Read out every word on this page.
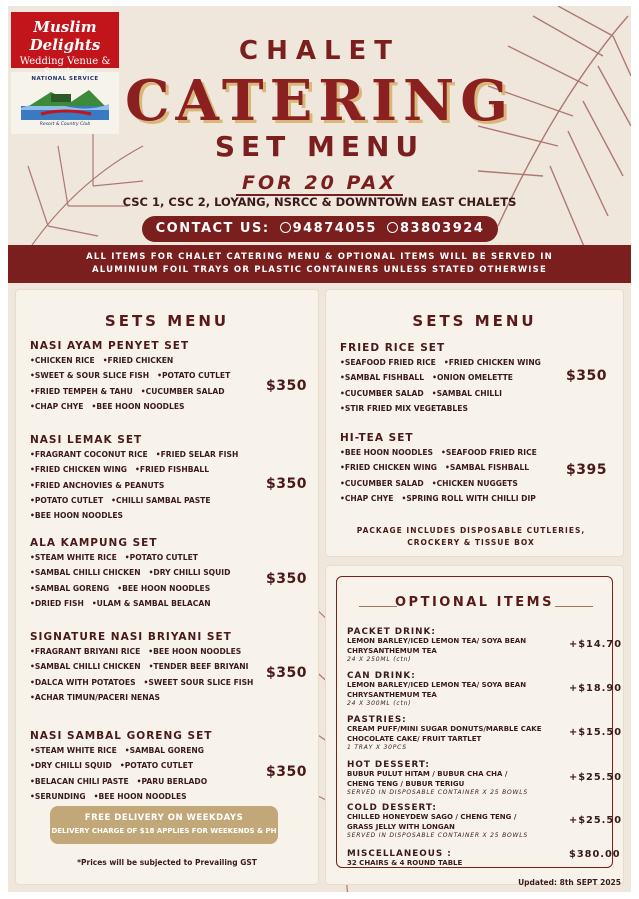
Muslim Delights
Wedding Venue &
NATIONAL SERVICE
Resort & Country Club
CHALET
CATERING
SET MENU
FOR 20 PAX
CSC 1, CSC 2, LOYANG, NSRCC & DOWNTOWN EAST CHALETS
CONTACT US: 94874055 83803924
ALL ITEMS FOR CHALET CATERING MENU & OPTIONAL ITEMS WILL BE SERVED IN
ALUMINIUM FOIL TRAYS OR PLASTIC CONTAINERS UNLESS STATED OTHERWISE
SETS MENU
NASI AYAM PENYET SET
•CHICKEN RICE •FRIED CHICKEN
•SWEET & SOUR SLICE FISH •POTATO CUTLET
•FRIED TEMPEH & TAHU •CUCUMBER SALAD
•CHAP CHYE •BEE HOON NOODLES
$350
NASI LEMAK SET
•FRAGRANT COCONUT RICE •FRIED SELAR FISH
•FRIED CHICKEN WING •FRIED FISHBALL
•FRIED ANCHOVIES & PEANUTS
•POTATO CUTLET •CHILLI SAMBAL PASTE
•BEE HOON NOODLES
$350
ALA KAMPUNG SET
•STEAM WHITE RICE •POTATO CUTLET
•SAMBAL CHILLI CHICKEN •DRY CHILLI SQUID
•SAMBAL GORENG •BEE HOON NOODLES
•DRIED FISH •ULAM & SAMBAL BELACAN
$350
SIGNATURE NASI BRIYANI SET
•FRAGRANT BRIYANI RICE •BEE HOON NOODLES
•SAMBAL CHILLI CHICKEN •TENDER BEEF BRIYANI
•DALCA WITH POTATOES •SWEET SOUR SLICE FISH
•ACHAR TIMUN/PACERI NENAS
$350
NASI SAMBAL GORENG SET
•STEAM WHITE RICE •SAMBAL GORENG
•DRY CHILLI SQUID •POTATO CUTLET
•BELACAN CHILI PASTE •PARU BERLADO
•SERUNDING •BEE HOON NOODLES
$350
FREE DELIVERY ON WEEKDAYS
DELIVERY CHARGE OF $18 APPLIES FOR WEEKENDS & PH
*Prices will be subjected to Prevailing GST
SETS MENU
FRIED RICE SET
•SEAFOOD FRIED RICE •FRIED CHICKEN WING
•SAMBAL FISHBALL •ONION OMELETTE
•CUCUMBER SALAD •SAMBAL CHILLI
•STIR FRIED MIX VEGETABLES
$350
HI-TEA SET
•BEE HOON NOODLES •SEAFOOD FRIED RICE
•FRIED CHICKEN WING •SAMBAL FISHBALL
•CUCUMBER SALAD •CHICKEN NUGGETS
•CHAP CHYE •SPRING ROLL WITH CHILLI DIP
$395
PACKAGE INCLUDES DISPOSABLE CUTLERIES,
CROCKERY & TISSUE BOX
OPTIONAL ITEMS
PACKET DRINK:
LEMON BARLEY/ICED LEMON TEA/ SOYA BEAN
CHRYSANTHEMUM TEA
24 X 250ML (ctn)
+$14.70
CAN DRINK:
LEMON BARLEY/ICED LEMON TEA/ SOYA BEAN
CHRYSANTHEMUM TEA
24 X 300ML (ctn)
+$18.90
PASTRIES:
CREAM PUFF/MINI SUGAR DONUTS/MARBLE CAKE
CHOCOLATE CAKE/ FRUIT TARTLET
1 TRAY X 30PCS
+$15.50
HOT DESSERT:
BUBUR PULUT HITAM / BUBUR CHA CHA /
CHENG TENG / BUBUR TERIGU
SERVED IN DISPOSABLE CONTAINER X 25 BOWLS
+$25.50
COLD DESSERT:
CHILLED HONEYDEW SAGO / CHENG TENG /
GRASS JELLY WITH LONGAN
SERVED IN DISPOSABLE CONTAINER X 25 BOWLS
+$25.50
MISCELLANEOUS :
32 CHAIRS & 4 ROUND TABLE
$380.00
Updated: 8th SEPT 2025
